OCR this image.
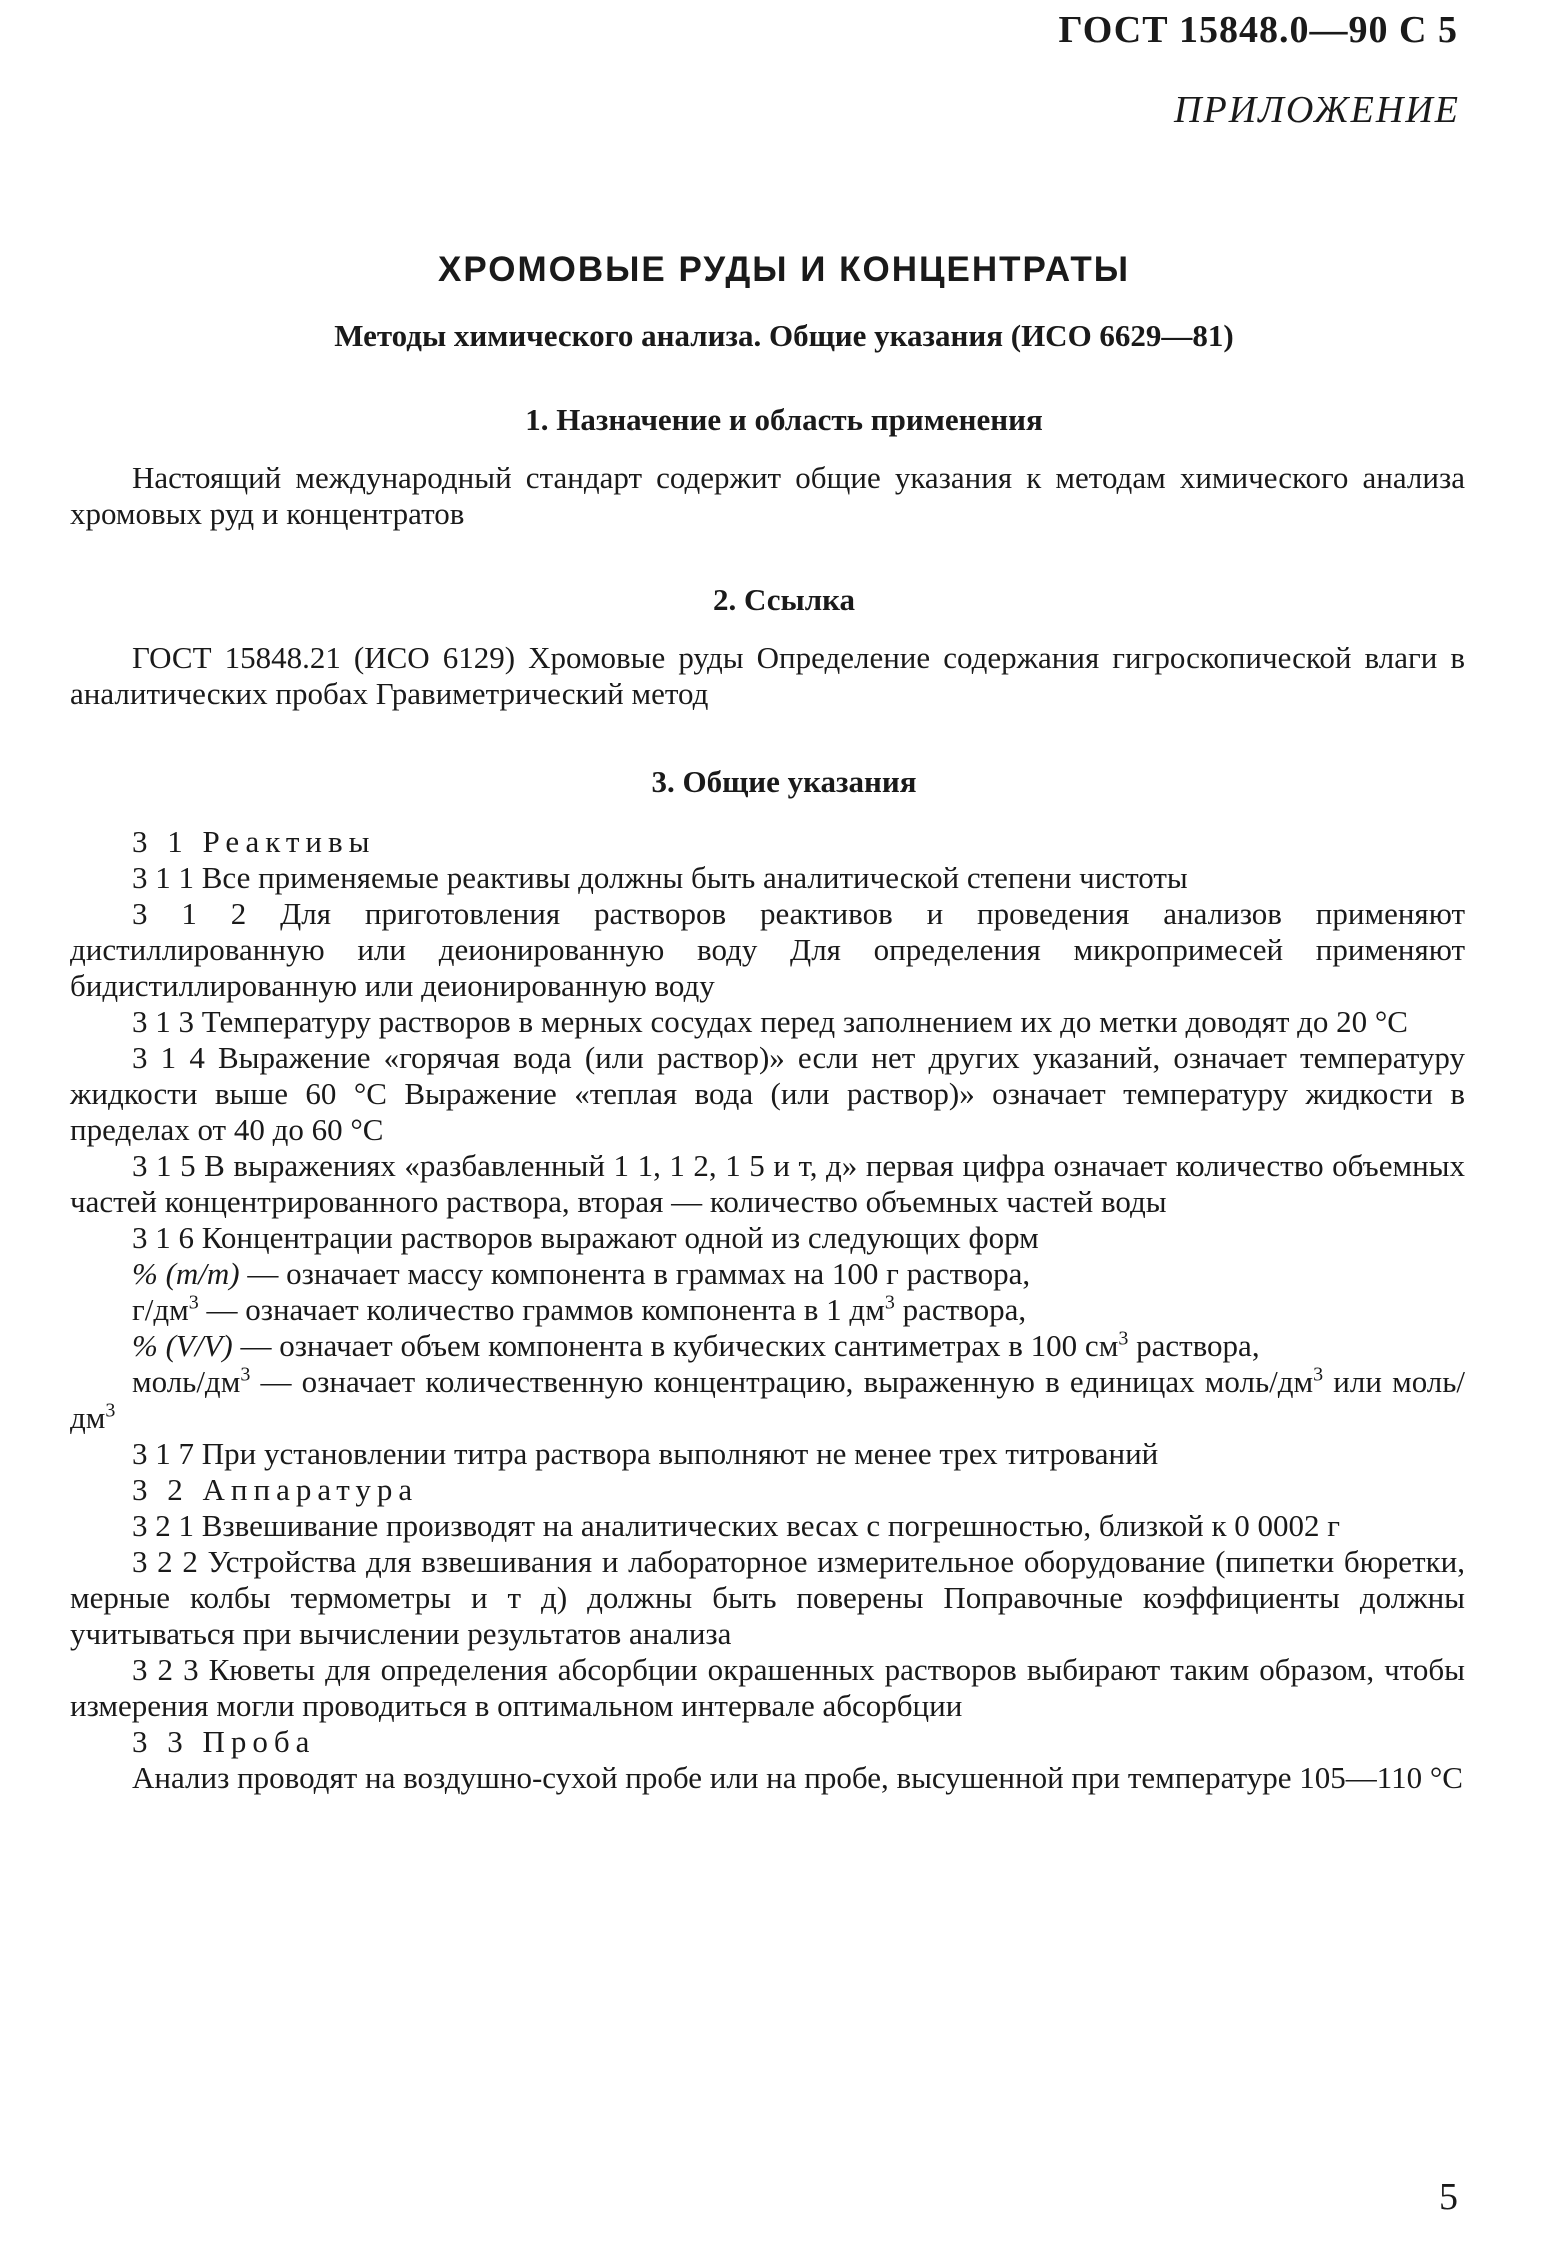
ГОСТ 15848.0—90 С 5
ПРИЛОЖЕНИЕ
ХРОМОВЫЕ РУДЫ И КОНЦЕНТРАТЫ
Методы химического анализа. Общие указания (ИСО 6629—81)
1. Назначение и область применения

Настоящий международный стандарт содержит общие указания к методам химического анализа хромовых руд и концентратов

2. Ссылка

ГОСТ 15848.21 (ИСО 6129) Хромовые руды Определение содержания гигроскопической влаги в аналитических пробах Гравиметрический метод

3. Общие указания

3 1 Реактивы

3 1 1 Все применяемые реактивы должны быть аналитической степени чистоты

3 1 2 Для приготовления растворов реактивов и проведения анализов применяют дистиллированную или деионированную воду Для определения микропримесей применяют бидистиллированную или деионированную воду

3 1 3 Температуру растворов в мерных сосудах перед заполнением их до метки доводят до 20 °С

3 1 4 Выражение «горячая вода (или раствор)» если нет других указаний, означает температуру жидкости выше 60 °С Выражение «теплая вода (или раствор)» означает температуру жидкости в пределах от 40 до 60 °С

3 1 5 В выражениях «разбавленный 1 1, 1 2, 1 5 и т, д» первая цифра означает количество объемных частей концентрированного раствора, вторая — количество объемных частей воды

3 1 6 Концентрации растворов выражают одной из следующих форм

% (m/m) — означает массу компонента в граммах на 100 г раствора,

$г/дм^3$ — означает количество граммов компонента в 1 $дм^3$ раствора,

% (V/V) — означает объем компонента в кубических сантиметрах в 100 $см^3$ раствора,

моль/$дм^3$ — означает количественную концентрацию, выраженную в единицах моль/$дм^3$ или моль/$дм^3$

3 1 7 При установлении титра раствора выполняют не менее трех титрований

3 2 Аппаратура

3 2 1 Взвешивание производят на аналитических весах с погрешностью, близкой к 0 0002 г

3 2 2 Устройства для взвешивания и лабораторное измерительное оборудование (пипетки бюретки, мерные колбы термометры и т д) должны быть поверены Поправочные коэффициенты должны учитываться при вычислении результатов анализа

3 2 3 Кюветы для определения абсорбции окрашенных растворов выбирают таким образом, чтобы измерения могли проводиться в оптимальном интервале абсорбции

3 3 Проба

Анализ проводят на воздушно-сухой пробе или на пробе, высушенной при температуре 105—110 °С

5
